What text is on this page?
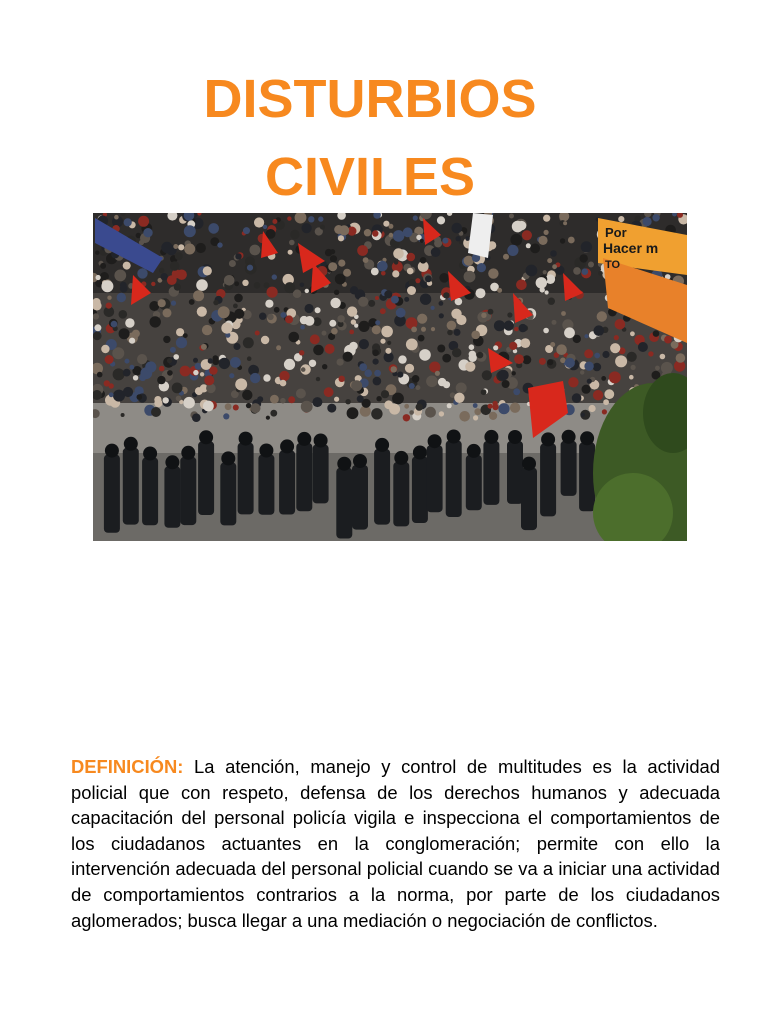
DISTURBIOS
CIVILES
Por
Hacer m
TO

DEFINICIÓN: La atención, manejo y control de multitudes es la actividad policial que con respeto, defensa de los derechos humanos y adecuada capacitación del personal policía vigila e inspecciona el comportamientos de los ciudadanos actuantes en la conglomeración; permite con ello la intervención adecuada del personal policial cuando se va a iniciar una actividad de comportamientos contrarios a la norma, por parte de los ciudadanos aglomerados; busca llegar a una mediación o negociación de conflictos.
